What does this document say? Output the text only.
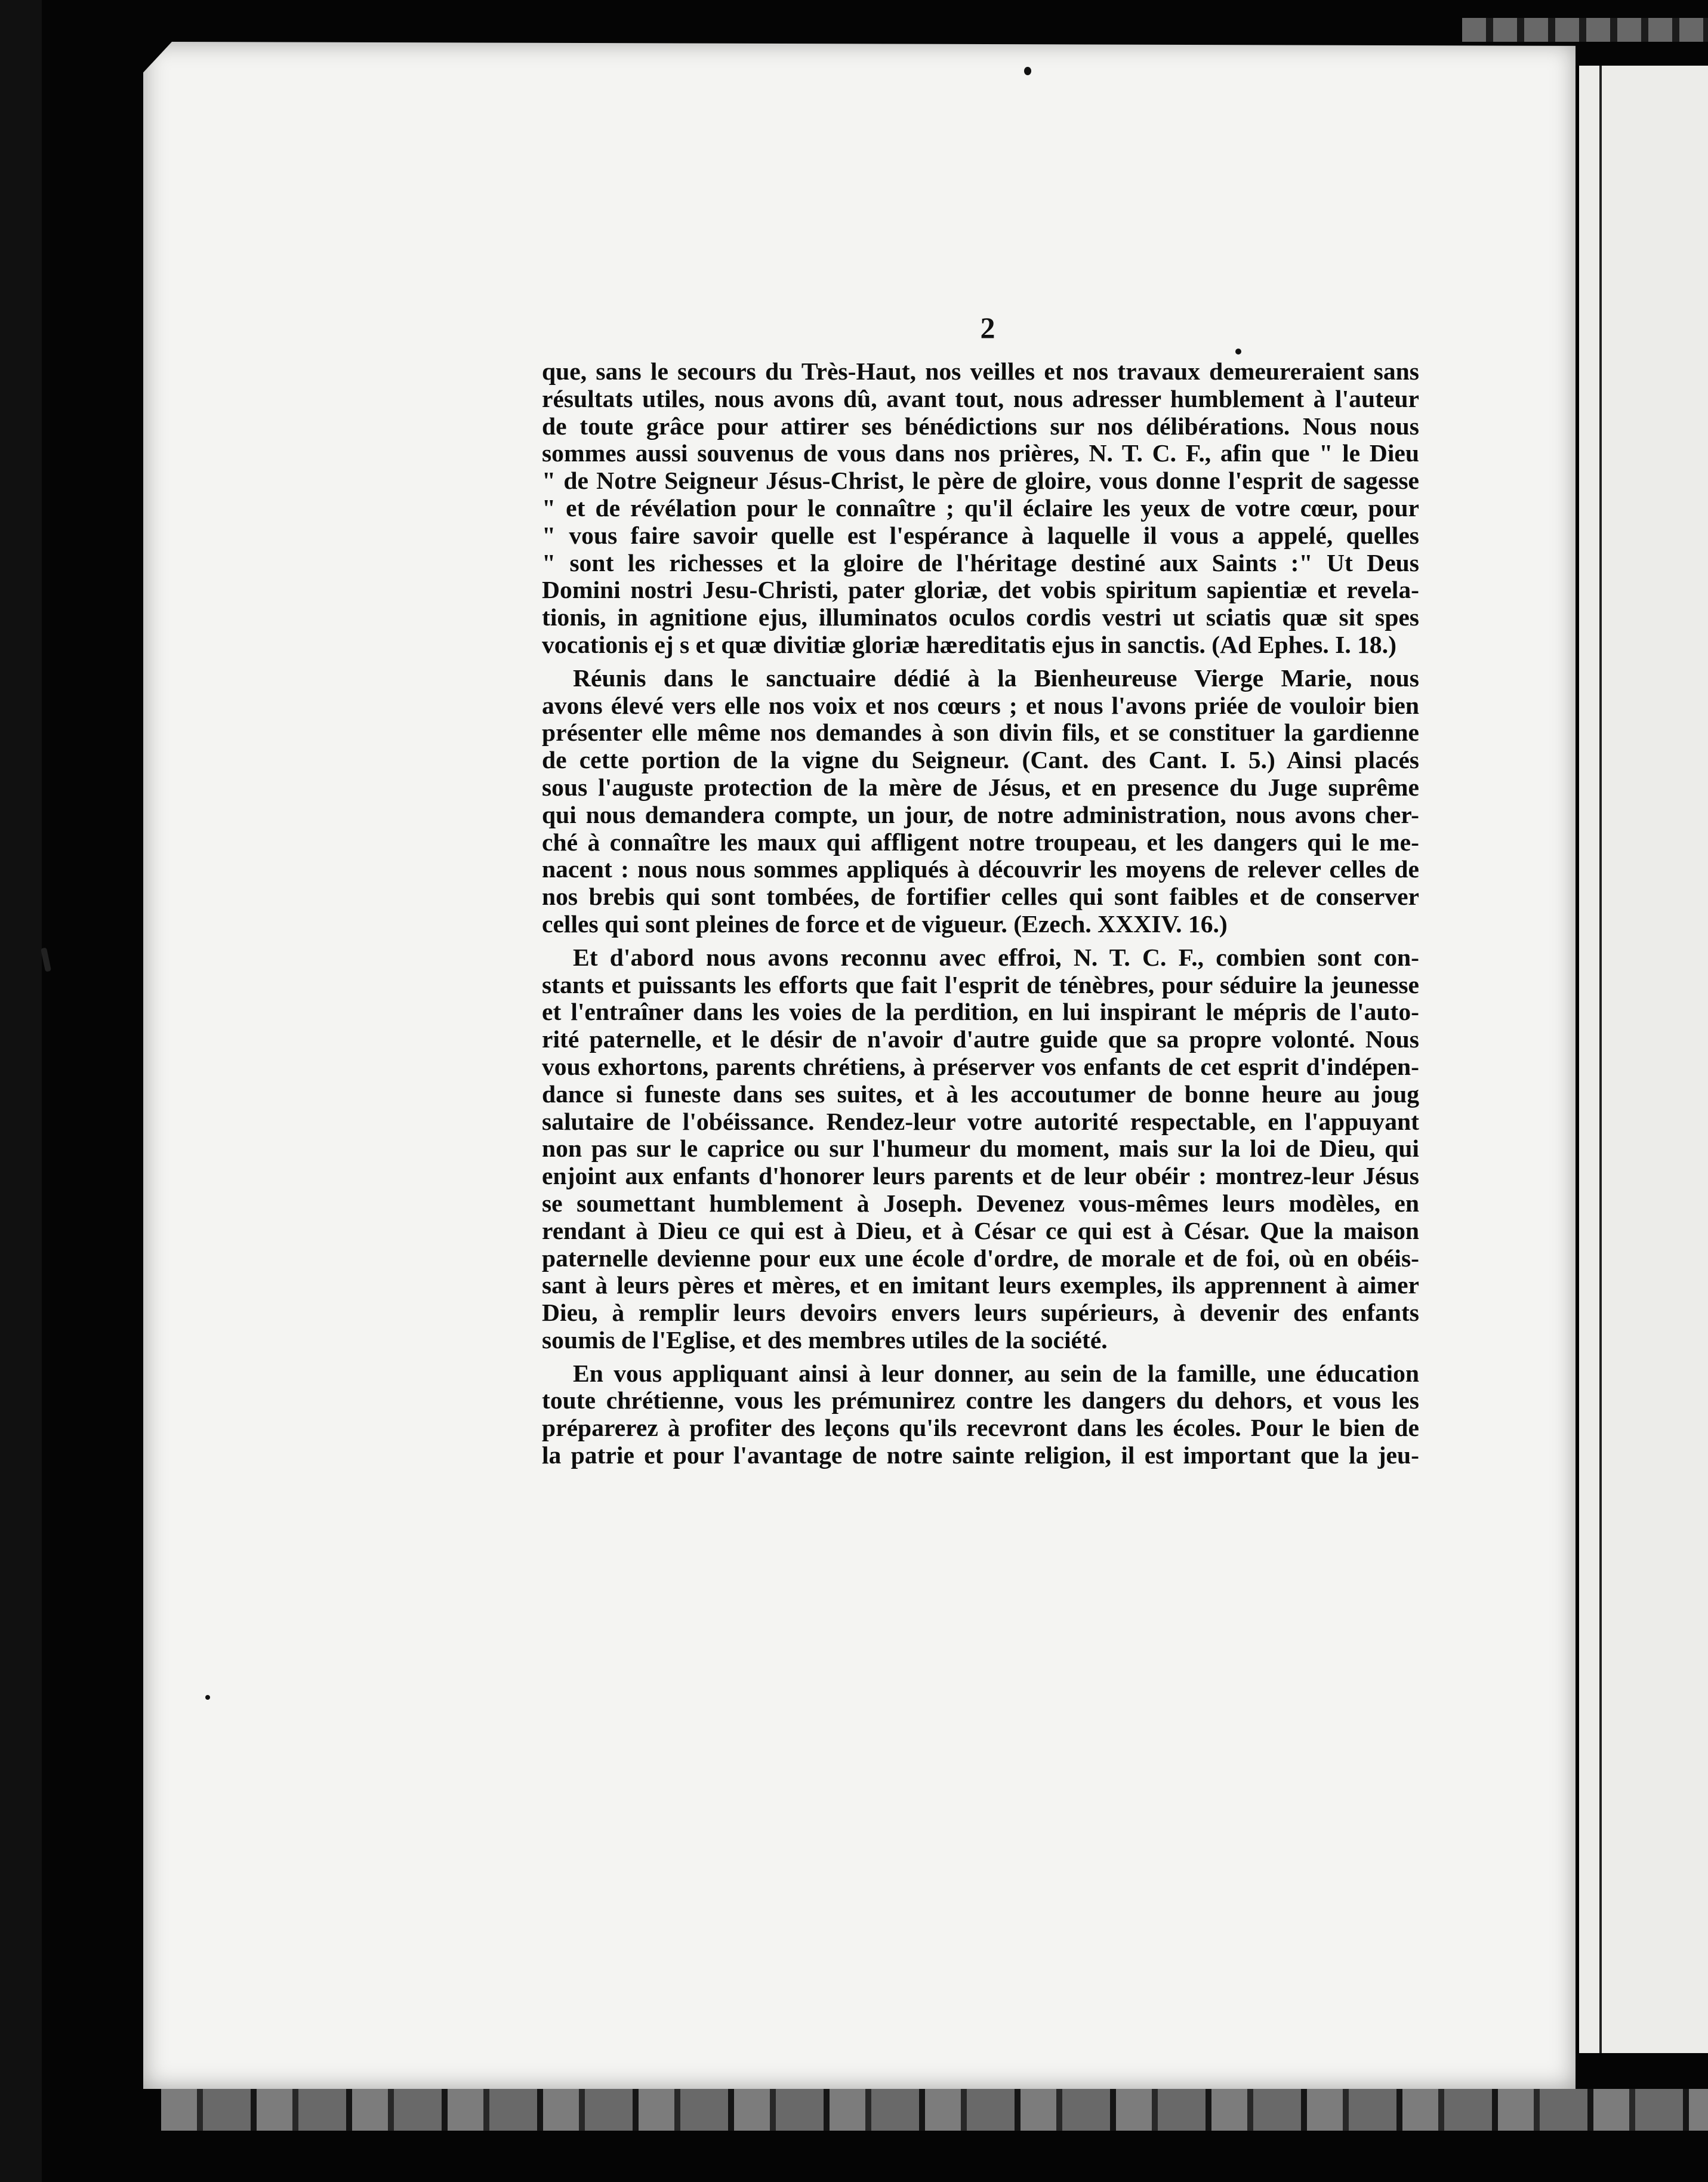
2
que, sans le secours du Très-Haut, nos veilles et nos travaux demeureraient sans
résultats utiles, nous avons dû, avant tout, nous adresser humblement à l'auteur
de toute grâce pour attirer ses bénédictions sur nos délibérations. Nous nous
sommes aussi souvenus de vous dans nos prières, N. T. C. F., afin que " le Dieu
" de Notre Seigneur Jésus-Christ, le père de gloire, vous donne l'esprit de sagesse
" et de révélation pour le connaître ; qu'il éclaire les yeux de votre cœur, pour
" vous faire savoir quelle est l'espérance à laquelle il vous a appelé, quelles
" sont les richesses et la gloire de l'héritage destiné aux Saints :" Ut Deus
Domini nostri Jesu-Christi, pater gloriæ, det vobis spiritum sapientiæ et revela-
tionis, in agnitione ejus, illuminatos oculos cordis vestri ut sciatis quæ sit spes
vocationis ej s et quæ divitiæ gloriæ hæreditatis ejus in sanctis. (Ad Ephes. I. 18.)
Réunis dans le sanctuaire dédié à la Bienheureuse Vierge Marie, nous
avons élevé vers elle nos voix et nos cœurs ; et nous l'avons priée de vouloir bien
présenter elle même nos demandes à son divin fils, et se constituer la gardienne
de cette portion de la vigne du Seigneur. (Cant. des Cant. I. 5.) Ainsi placés
sous l'auguste protection de la mère de Jésus, et en presence du Juge suprême
qui nous demandera compte, un jour, de notre administration, nous avons cher-
ché à connaître les maux qui affligent notre troupeau, et les dangers qui le me-
nacent : nous nous sommes appliqués à découvrir les moyens de relever celles de
nos brebis qui sont tombées, de fortifier celles qui sont faibles et de conserver
celles qui sont pleines de force et de vigueur. (Ezech. XXXIV. 16.)
Et d'abord nous avons reconnu avec effroi, N. T. C. F., combien sont con-
stants et puissants les efforts que fait l'esprit de ténèbres, pour séduire la jeunesse
et l'entraîner dans les voies de la perdition, en lui inspirant le mépris de l'auto-
rité paternelle, et le désir de n'avoir d'autre guide que sa propre volonté. Nous
vous exhortons, parents chrétiens, à préserver vos enfants de cet esprit d'indépen-
dance si funeste dans ses suites, et à les accoutumer de bonne heure au joug
salutaire de l'obéissance. Rendez-leur votre autorité respectable, en l'appuyant
non pas sur le caprice ou sur l'humeur du moment, mais sur la loi de Dieu, qui
enjoint aux enfants d'honorer leurs parents et de leur obéir : montrez-leur Jésus
se soumettant humblement à Joseph. Devenez vous-mêmes leurs modèles, en
rendant à Dieu ce qui est à Dieu, et à César ce qui est à César. Que la maison
paternelle devienne pour eux une école d'ordre, de morale et de foi, où en obéis-
sant à leurs pères et mères, et en imitant leurs exemples, ils apprennent à aimer
Dieu, à remplir leurs devoirs envers leurs supérieurs, à devenir des enfants
soumis de l'Eglise, et des membres utiles de la société.
En vous appliquant ainsi à leur donner, au sein de la famille, une éducation
toute chrétienne, vous les prémunirez contre les dangers du dehors, et vous les
préparerez à profiter des leçons qu'ils recevront dans les écoles. Pour le bien de
la patrie et pour l'avantage de notre sainte religion, il est important que la jeu-
